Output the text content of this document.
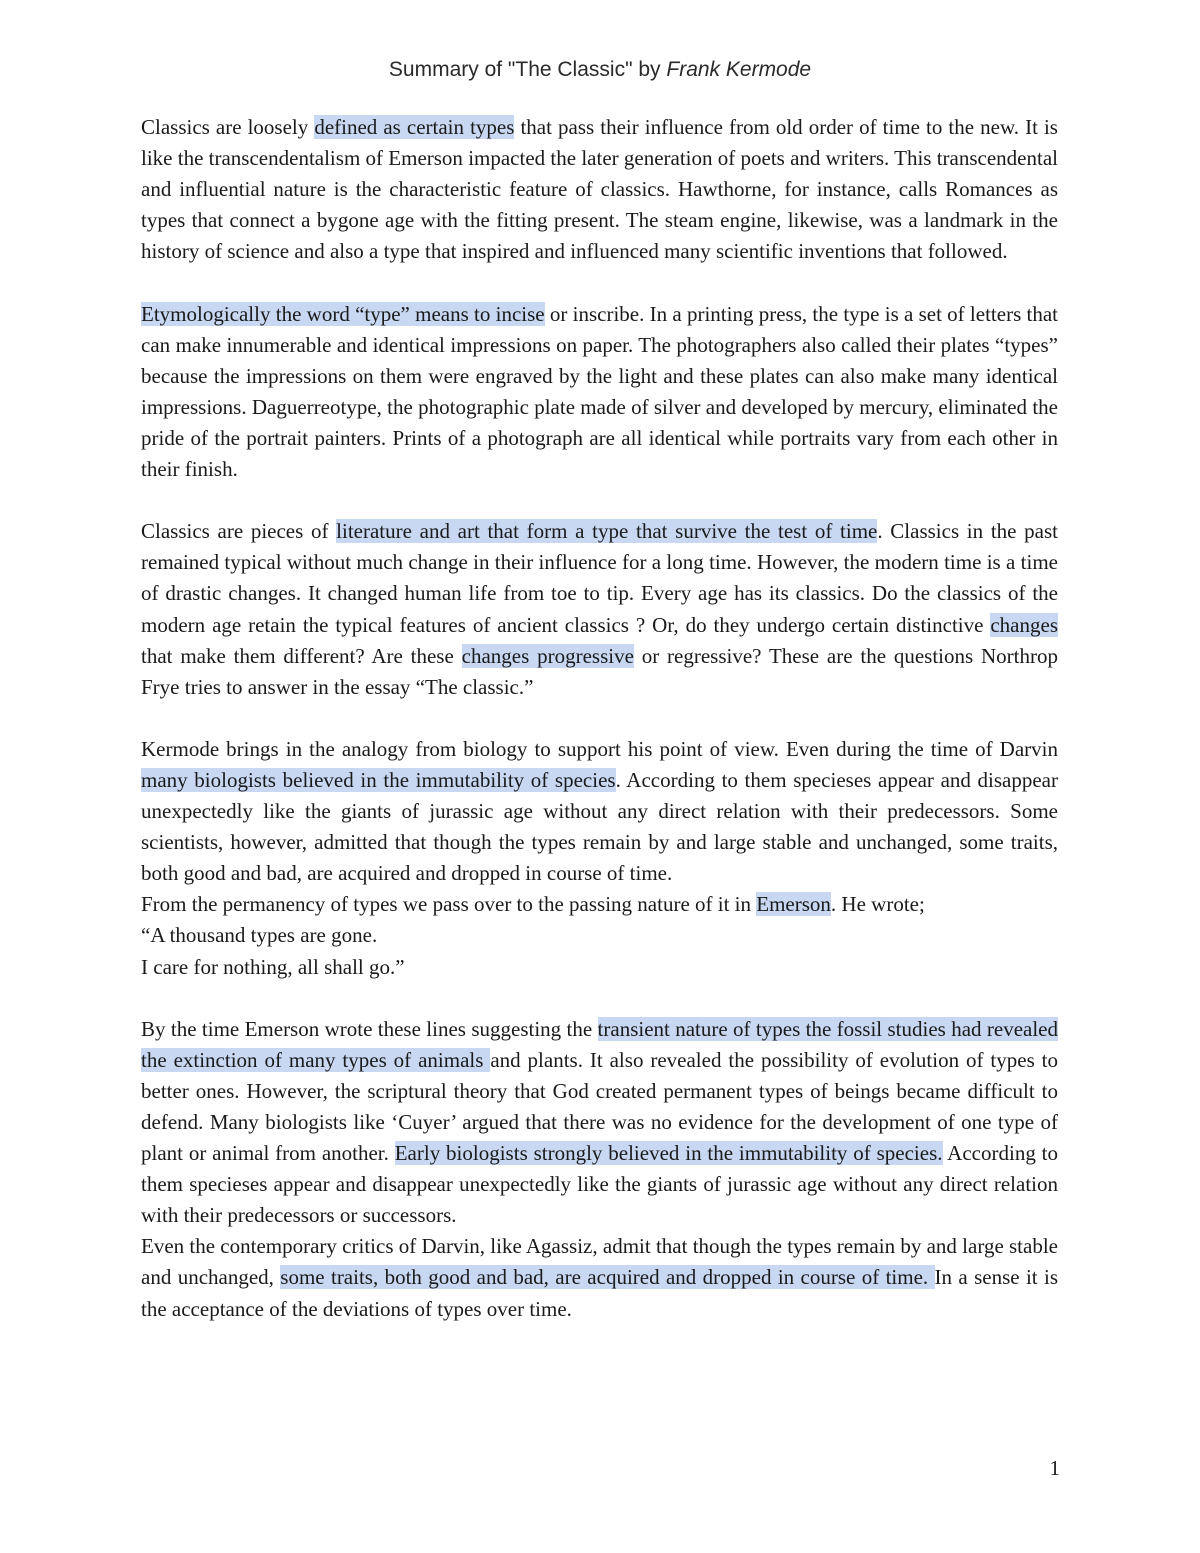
Summary of "The Classic" by Frank Kermode

Classics are loosely defined as certain types that pass their influence from old order of time to the new. It is like the transcendentalism of Emerson impacted the later generation of poets and writers. This transcendental and influential nature is the characteristic feature of classics. Hawthorne, for instance, calls Romances as types that connect a bygone age with the fitting present. The steam engine, likewise, was a landmark in the history of science and also a type that inspired and influenced many scientific inventions that followed.

Etymologically the word “type” means to incise or inscribe. In a printing press, the type is a set of letters that can make innumerable and identical impressions on paper. The photographers also called their plates “types” because the impressions on them were engraved by the light and these plates can also make many identical impressions. Daguerreotype, the photographic plate made of silver and developed by mercury, eliminated the pride of the portrait painters. Prints of a photograph are all identical while portraits vary from each other in their finish.

Classics are pieces of literature and art that form a type that survive the test of time. Classics in the past remained typical without much change in their influence for a long time. However, the modern time is a time of drastic changes. It changed human life from toe to tip. Every age has its classics. Do the classics of the modern age retain the typical features of ancient classics ? Or, do they undergo certain distinctive changes that make them different? Are these changes progressive or regressive? These are the questions Northrop Frye tries to answer in the essay “The classic.”

Kermode brings in the analogy from biology to support his point of view. Even during the time of Darvin many biologists believed in the immutability of species. According to them specieses appear and disappear unexpectedly like the giants of jurassic age without any direct relation with their predecessors. Some scientists, however, admitted that though the types remain by and large stable and unchanged, some traits, both good and bad, are acquired and dropped in course of time.

From the permanency of types we pass over to the passing nature of it in Emerson. He wrote;

“A thousand types are gone.

I care for nothing, all shall go.”

By the time Emerson wrote these lines suggesting the transient nature of types the fossil studies had revealed the extinction of many types of animals and plants. It also revealed the possibility of evolution of types to better ones. However, the scriptural theory that God created permanent types of beings became difficult to defend. Many biologists like ‘Cuyer’ argued that there was no evidence for the development of one type of plant or animal from another. Early biologists strongly believed in the immutability of species. According to them specieses appear and disappear unexpectedly like the giants of jurassic age without any direct relation with their predecessors or successors.

Even the contemporary critics of Darvin, like Agassiz, admit that though the types remain by and large stable and unchanged, some traits, both good and bad, are acquired and dropped in course of time. In a sense it is the acceptance of the deviations of types over time.

1
